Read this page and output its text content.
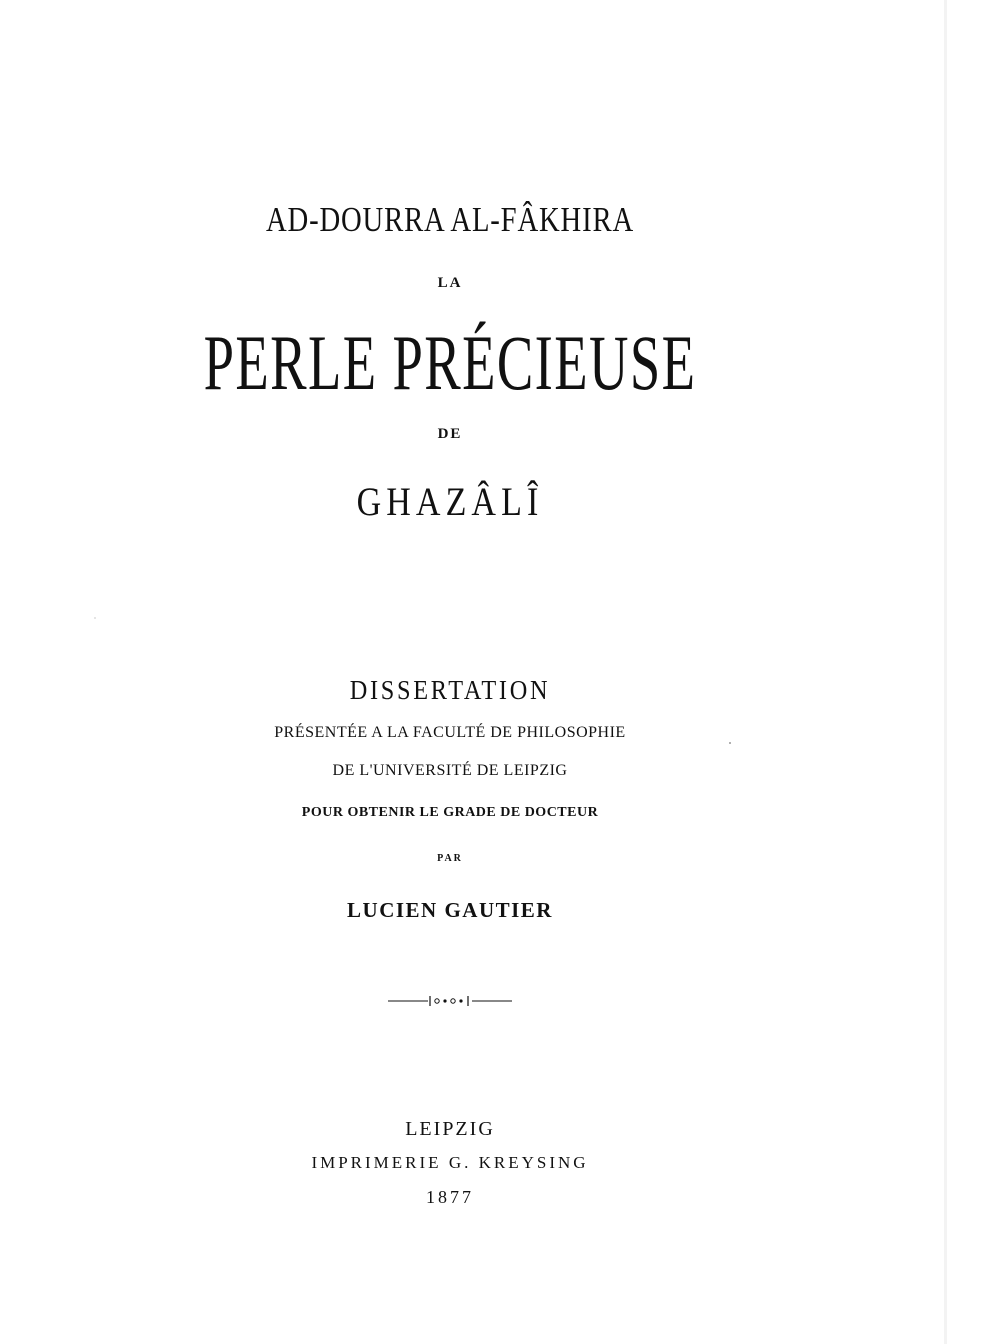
AD-DOURRA AL-FÂKHIRA
LA
PERLE PRÉCIEUSE
DE
GHAZÂLÎ
DISSERTATION
PRÉSENTÉE A LA FACULTÉ DE PHILOSOPHIE
DE L'UNIVERSITÉ DE LEIPZIG
POUR OBTENIR LE GRADE DE DOCTEUR
PAR
LUCIEN GAUTIER
LEIPZIG
IMPRIMERIE G. KREYSING
1877
